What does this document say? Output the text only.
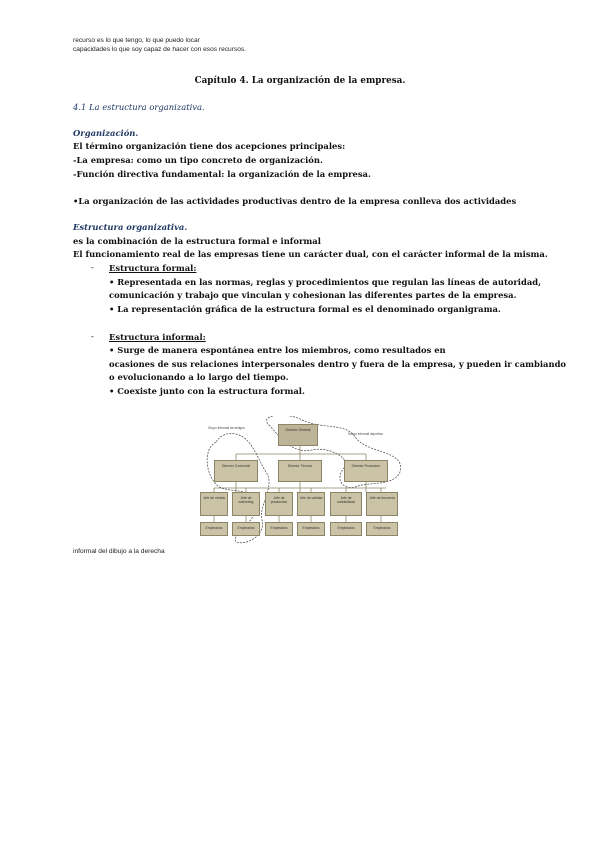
recurso es lo que tengo, lo que puedo locar
capacidades lo que soy capaz de hacer con esos recursos.
Capítulo 4. La organización de la empresa.
4.1 La estructura organizativa.
Organización.
El término organización tiene dos acepciones principales:
-La empresa: como un tipo concreto de organización.
-Función directiva fundamental: la organización de la empresa.
•La organización de las actividades productivas dentro de la empresa conlleva dos actividades
Estructura organizativa.
es la combinación de la estructura formal e informal
El funcionamiento real de las empresas tiene un carácter dual, con el carácter informal de la misma.
- Estructura formal:
• Representada en las normas, reglas y procedimientos que regulan las líneas de autoridad,
comunicación y trabajo que vinculan y cohesionan las diferentes partes de la empresa.
• La representación gráfica de la estructura formal es el denominado organigrama.
- Estructura informal:
• Surge de manera espontánea entre los miembros, como resultados en
ocasiones de sus relaciones interpersonales dentro y fuera de la empresa, y pueden ir cambiando
o evolucionando a lo largo del tiempo.
• Coexiste junto con la estructura formal.
Grupo informal de amigos
Grupo informal deportivo
Director General
Director Comercial	Director Técnico	Director Financiero
Jefe de ventas	Jefe de márketing
Jefe de producción
Jefe de calidad	Jefe de contabilidad
Jefe de tesorería
Empleados	Empleados	Empleados	Empleados	Empleados	Empleados
informal del dibujo a la derecha
